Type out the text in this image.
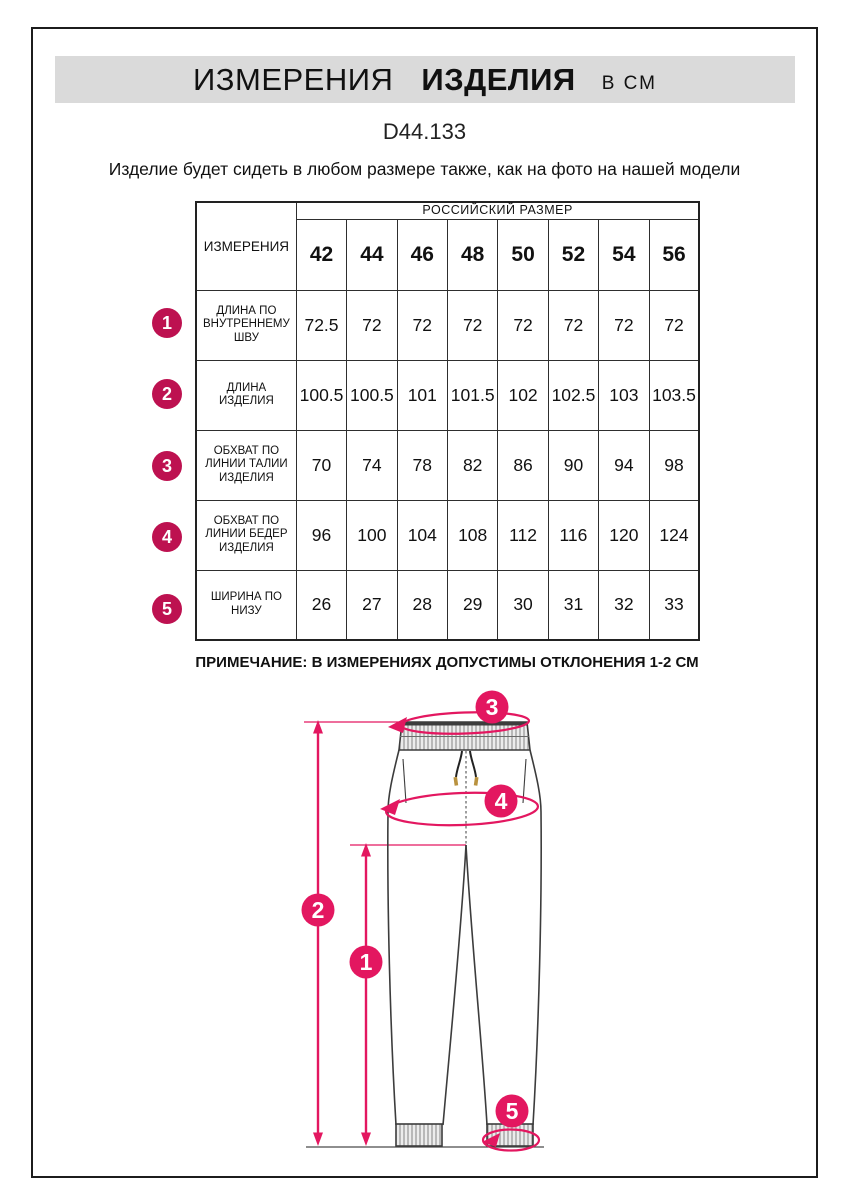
ИЗМЕРЕНИЯ ИЗДЕЛИЯ В СМ
D44.133
Изделие будет сидеть в любом размере также, как на фото на нашей модели
ИЗМЕРЕНИЯ	РОССИЙСКИЙ РАЗМЕР							
	42	44	46	48	50	52	54	56
ДЛИНА ПО ВНУТРЕННЕМУ ШВУ	72.5	72	72	72	72	72	72	72
ДЛИНА ИЗДЕЛИЯ	100.5	100.5	101	101.5	102	102.5	103	103.5
ОБХВАТ ПО ЛИНИИ ТАЛИИ ИЗДЕЛИЯ	70	74	78	82	86	90	94	98
ОБХВАТ ПО ЛИНИИ БЕДЕР ИЗДЕЛИЯ	96	100	104	108	112	116	120	124
ШИРИНА ПО НИЗУ	26	27	28	29	30	31	32	33
1
2
3
4
5
ПРИМЕЧАНИЕ: В ИЗМЕРЕНИЯХ ДОПУСТИМЫ ОТКЛОНЕНИЯ 1-2 СМ
3
4
2
1
5
